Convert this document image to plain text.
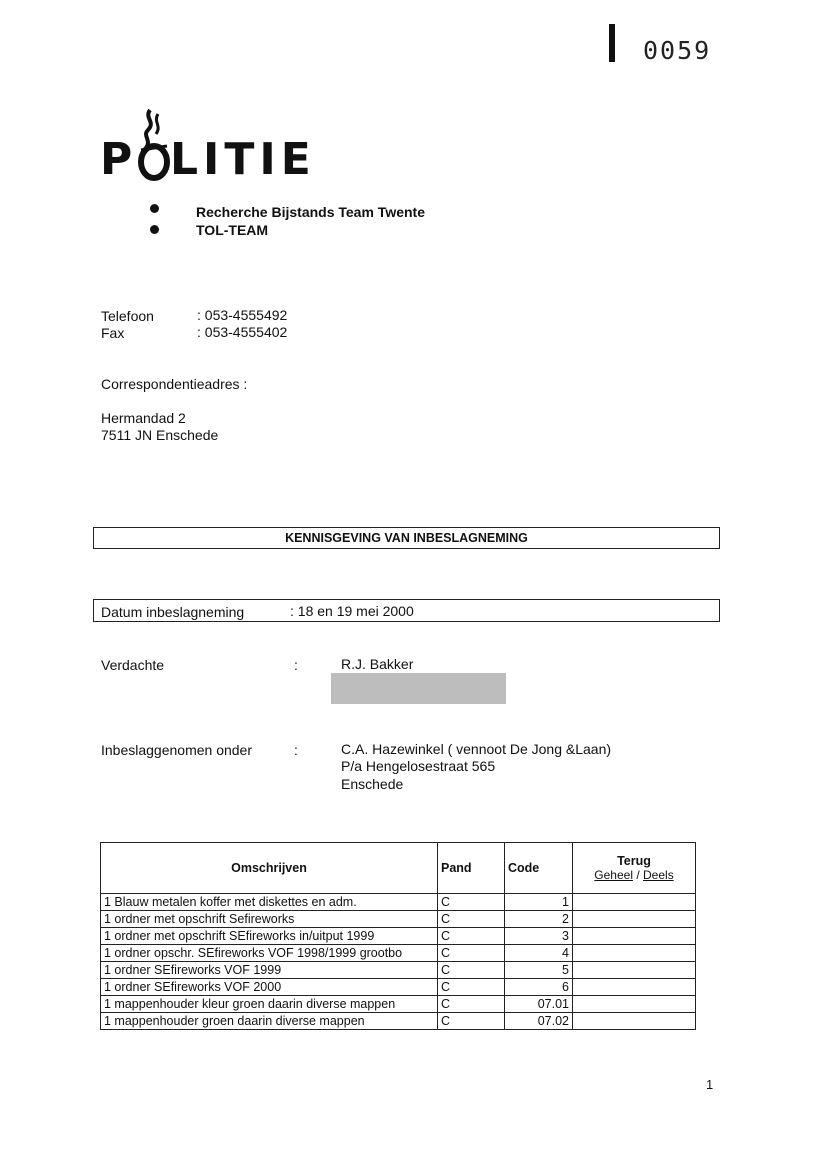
0059
P LITIE
Recherche Bijstands Team Twente
TOL-TEAM
Telefoon	: 053-4555492
Fax	: 053-4555402
Correspondentieadres :
Hermandad 2
7511 JN Enschede
KENNISGEVING VAN INBESLAGNEMING
Datum inbeslagneming	: 18 en 19 mei 2000
Verdachte	:	R.J. Bakker
Inbeslaggenomen onder	:	C.A. Hazewinkel ( vennoot De Jong &Laan)
P/a Hengelosestraat 565
Enschede
Omschrijven	Pand	Code	Terug
Geheel / Deels

1 Blauw metalen koffer met diskettes en adm.	C	1	
1 ordner met opschrift Sefireworks	C	2	
1 ordner met opschrift SEfireworks in/uitput 1999	C	3	
1 ordner opschr. SEfireworks VOF 1998/1999 grootbo	C	4	
1 ordner SEfireworks VOF 1999	C	5	
1 ordner SEfireworks VOF 2000	C	6	
1 mappenhouder kleur groen daarin diverse mappen	C	07.01	
1 mappenhouder groen daarin diverse mappen	C	07.02	
1
